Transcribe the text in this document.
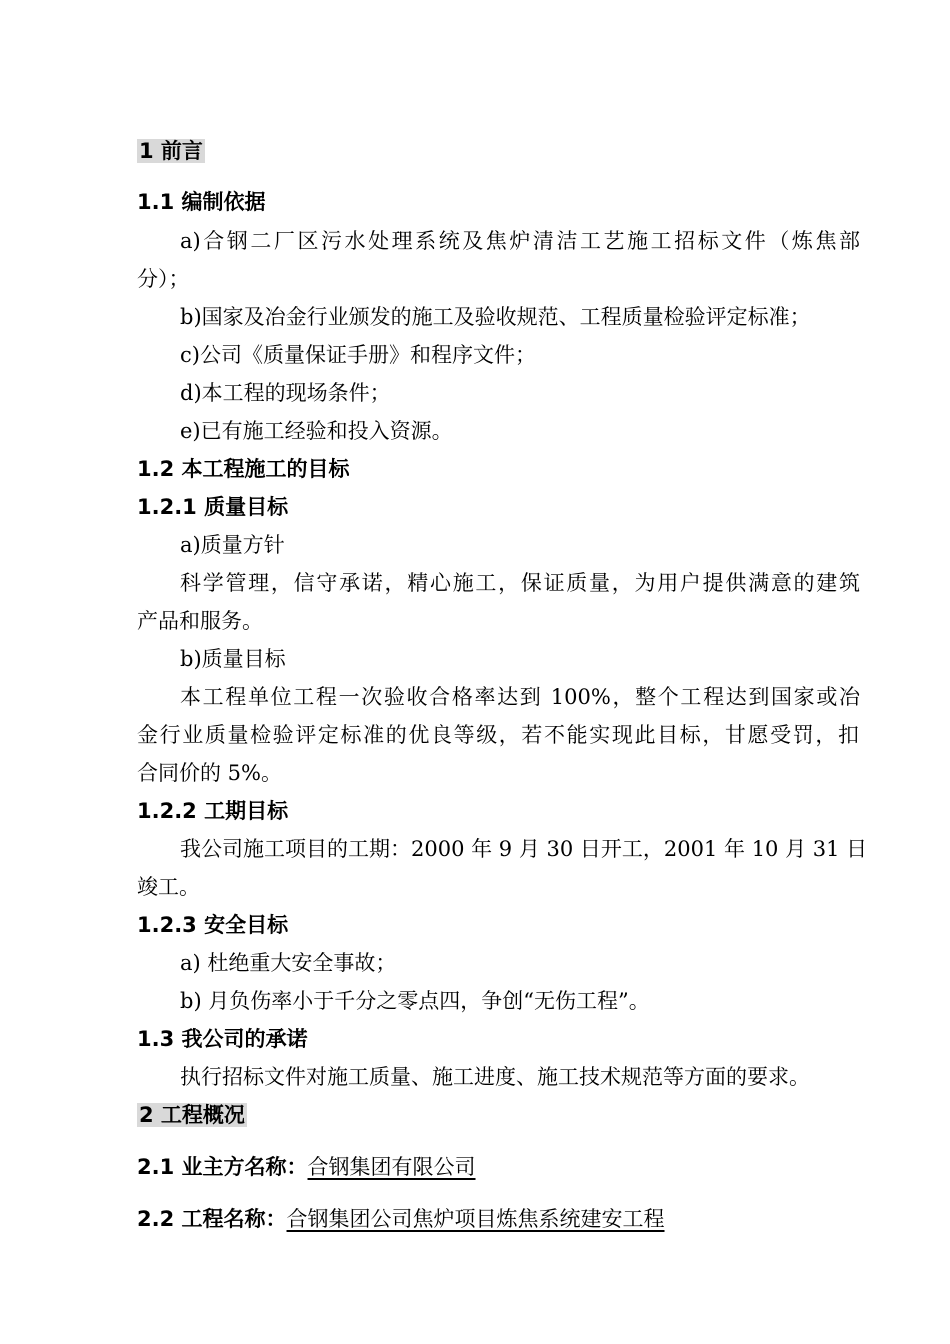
1 前言
1.1 编制依据
a)合钢二厂区污水处理系统及焦炉清洁工艺施工招标文件（炼焦部
分）；
b)国家及冶金行业颁发的施工及验收规范、工程质量检验评定标准；
c)公司《质量保证手册》和程序文件；
d)本工程的现场条件；
e)已有施工经验和投入资源。
1.2 本工程施工的目标
1.2.1 质量目标
a)质量方针
科学管理，信守承诺，精心施工，保证质量，为用户提供满意的建筑
产品和服务。
b)质量目标
本工程单位工程一次验收合格率达到 100%，整个工程达到国家或冶
金行业质量检验评定标准的优良等级，若不能实现此目标，甘愿受罚，扣
合同价的 5%。
1.2.2 工期目标
我公司施工项目的工期：2000 年 9 月 30 日开工，2001 年 10 月 31 日
竣工。
1.2.3 安全目标
a) 杜绝重大安全事故；
b) 月负伤率小于千分之零点四，争创“无伤工程”。
1.3 我公司的承诺
执行招标文件对施工质量、施工进度、施工技术规范等方面的要求。
2 工程概况
2.1 业主方名称：合钢集团有限公司
2.2 工程名称：合钢集团公司焦炉项目炼焦系统建安工程
